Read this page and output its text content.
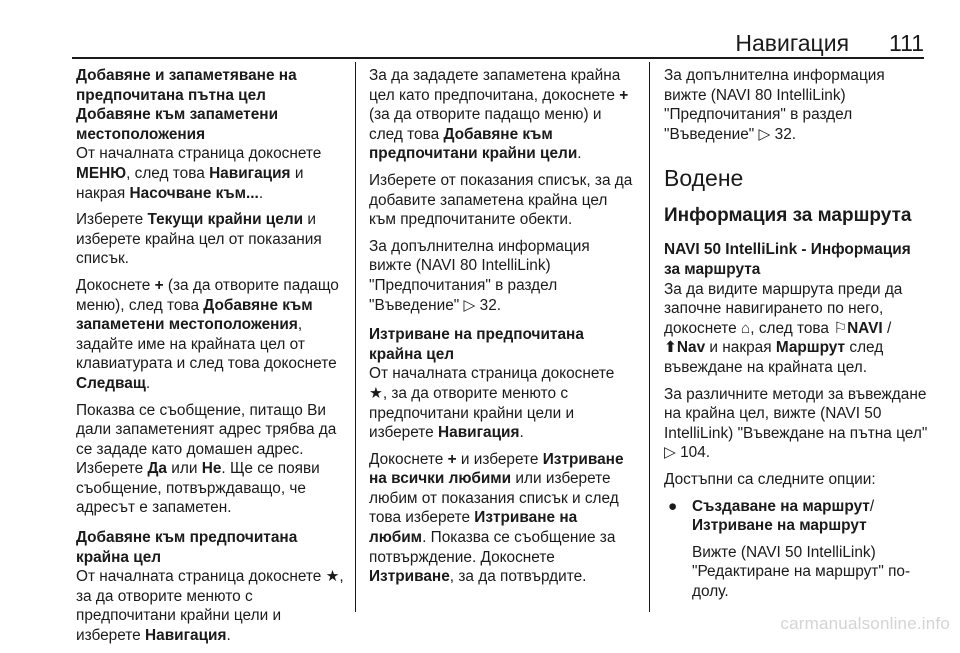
Навигация 111
Добавяне и запаметяване на предпочитана пътна цел
Добавяне към запаметени местоположения

От началната страница докоснете МЕНЮ, след това Навигация и накрая Насочване към....

Изберете Текущи крайни цели и изберете крайна цел от показания списък.

Докоснете + (за да отворите падащо меню), след това Добавяне към запаметени местоположения, задайте име на крайната цел от клавиатурата и след това докоснете Следващ.

Показва се съобщение, питащо Ви дали запаметеният адрес трябва да се зададе като домашен адрес. Изберете Да или Не. Ще се появи съобщение, потвърждаващо, че адресът е запаметен.

Добавяне към предпочитана крайна цел

От началната страница докоснете ★, за да отворите менюто с предпочитани крайни цели и изберете Навигация.

За да зададете запаметена крайна цел като предпочитана, докоснете + (за да отворите падащо меню) и след това Добавяне към предпочитани крайни цели.

Изберете от показания списък, за да добавите запаметена крайна цел към предпочитаните обекти.

За допълнителна информация вижте (NAVI 80 IntelliLink) "Предпочитания" в раздел "Въведение" ▷ 32.

Изтриване на предпочитана крайна цел

От началната страница докоснете ★, за да отворите менюто с предпочитани крайни цели и изберете Навигация.

Докоснете + и изберете Изтриване на всички любими или изберете любим от показания списък и след това изберете Изтриване на любим. Показва се съобщение за потвърждение. Докоснете Изтриване, за да потвърдите.

За допълнителна информация вижте (NAVI 80 IntelliLink) "Предпочитания" в раздел "Въведение" ▷ 32.

Водене
Информация за маршрута
NAVI 50 IntelliLink - Информация за маршрута

За да видите маршрута преди да започне навигирането по него, докоснете ⌂, след това ⚐NAVI / ⬆Nav и накрая Маршрут след въвеждане на крайната цел.

За различните методи за въвеждане на крайна цел, вижте (NAVI 50 IntelliLink) "Въвеждане на пътна цел" ▷ 104.

Достъпни са следните опции:

● Създаване на маршрут/
Изтриване на маршрут

Вижте (NAVI 50 IntelliLink) "Редактиране на маршрут" по-долу.

carmanualsonline.info
